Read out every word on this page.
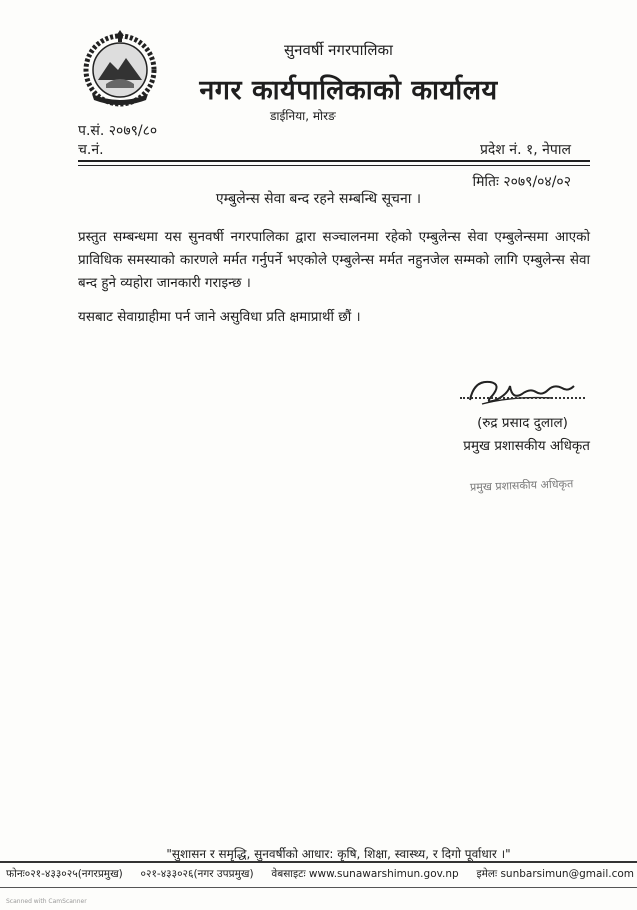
सुनवर्षी नगरपालिका
नगर कार्यपालिकाको कार्यालय
डाईनिया, मोरङ
प.सं. २०७९/८०
च.नं.	प्रदेश नं. १, नेपाल
मितिः २०७९/०४/०२
एम्बुलेन्स सेवा बन्द रहने सम्बन्धि सूचना ।
प्रस्तुत सम्बन्धमा यस सुनवर्षी नगरपालिका द्वारा सञ्चालनमा रहेको एम्बुलेन्स सेवा एम्बुलेन्समा आएको प्राविधिक समस्याको कारणले मर्मत गर्नुपर्ने भएकोले एम्बुलेन्स मर्मत नहुनजेल सम्मको लागि एम्बुलेन्स सेवा बन्द हुने व्यहोरा जानकारी गराइन्छ ।
यसबाट सेवाग्राहीमा पर्न जाने असुविधा प्रति क्षमाप्रार्थी छौं ।
(रुद्र प्रसाद दुलाल)
प्रमुख प्रशासकीय अधिकृत
प्रमुख प्रशासकीय अधिकृत
"सुशासन र समृद्धि, सुनवर्षीको आधार: कृषि, शिक्षा, स्वास्थ्य, र दिगो पूर्वाधार ।"
फोनः०२१-४३३०२५(नगरप्रमुख) ०२१-४३३०२६(नगर उपप्रमुख) वेबसाइटः www.sunawarshimun.gov.np इमेलः sunbarsimun@gmail.com
Scanned with CamScanner
